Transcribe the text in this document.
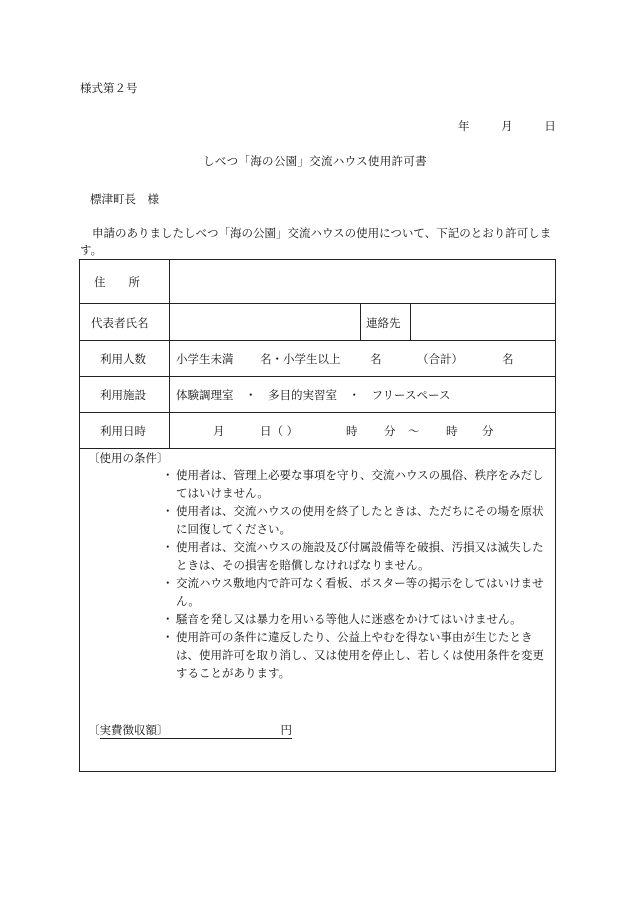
様式第２号
年	月	日
しべつ「海の公園」交流ハウス使用許可書
標津町長　様
申請のありましたしべつ「海の公園」交流ハウスの使用について、下記のとおり許可します。
住　　所
代表者氏名	連絡先
利用人数	小学生未満 名・小学生以上	名	（合計）	名
利用施設	体験調理室　・　多目的実習室　・　フリースペース
利用日時	月	日（ ）	時 分 ～ 時 分
〔使用の条件〕
・ 使用者は、管理上必要な事項を守り、交流ハウスの風俗、秩序をみだしてはいけません。
・ 使用者は、交流ハウスの使用を終了したときは、ただちにその場を原状に回復してください。
・ 使用者は、交流ハウスの施設及び付属設備等を破損、汚損又は滅失したときは、その損害を賠償しなければなりません。
・ 交流ハウス敷地内で許可なく看板、ポスター等の掲示をしてはいけません。
・ 騒音を発し又は暴力を用いる等他人に迷惑をかけてはいけません。
・ 使用許可の条件に違反したり、公益上やむを得ない事由が生じたときは、使用許可を取り消し、又は使用を停止し、若しくは使用条件を変更することがあります。
〔実費徴収額〕	円
